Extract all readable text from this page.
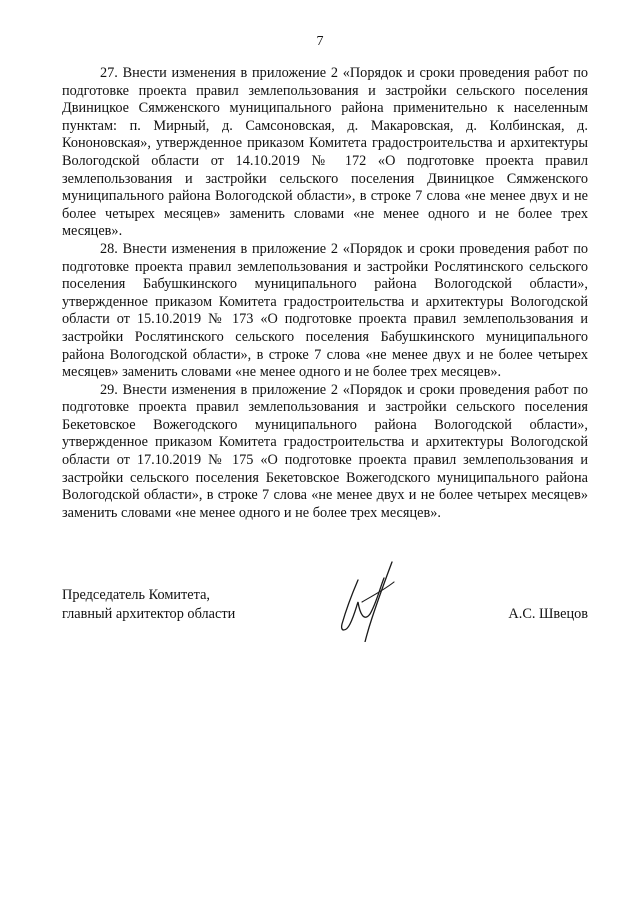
7

27. Внести изменения в приложение 2 «Порядок и сроки проведения работ по подготовке проекта правил землепользования и застройки сельского поселения Двиницкое Сямженского муниципального района применительно к населенным пунктам: п. Мирный, д. Самсоновская, д. Макаровская, д. Колбинская, д. Кононовская», утвержденное приказом Комитета градостроительства и архитектуры Вологодской области от 14.10.2019 № 172 «О подготовке проекта правил землепользования и застройки сельского поселения Двиницкое Сямженского муниципального района Вологодской области», в строке 7 слова «не менее двух и не более четырех месяцев» заменить словами «не менее одного и не более трех месяцев».

28. Внести изменения в приложение 2 «Порядок и сроки проведения работ по подготовке проекта правил землепользования и застройки Рослятинского сельского поселения Бабушкинского муниципального района Вологодской области», утвержденное приказом Комитета градостроительства и архитектуры Вологодской области от 15.10.2019 № 173 «О подготовке проекта правил землепользования и застройки Рослятинского сельского поселения Бабушкинского муниципального района Вологодской области», в строке 7 слова «не менее двух и не более четырех месяцев» заменить словами «не менее одного и не более трех месяцев».

29. Внести изменения в приложение 2 «Порядок и сроки проведения работ по подготовке проекта правил землепользования и застройки сельского поселения Бекетовское Вожегодского муниципального района Вологодской области», утвержденное приказом Комитета градостроительства и архитектуры Вологодской области от 17.10.2019 № 175 «О подготовке проекта правил землепользования и застройки сельского поселения Бекетовское Вожегодского муниципального района Вологодской области», в строке 7 слова «не менее двух и не более четырех месяцев» заменить словами «не менее одного и не более трех месяцев».

Председатель Комитета,
главный архитектор области	А.С. Швецов
